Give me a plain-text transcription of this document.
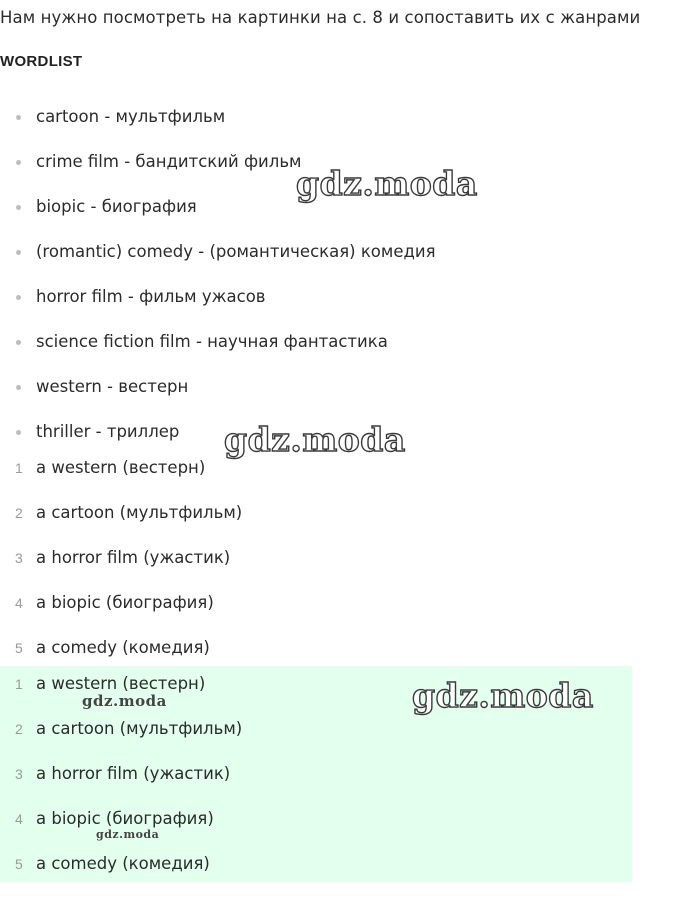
Нам нужно посмотреть на картинки на с. 8 и сопоставить их с жанрами
WORDLIST
cartoon - мультфильм
crime film - бандитский фильм
biopic - биография
(romantic) comedy - (романтическая) комедия
horror film - фильм ужасов
science fiction film - научная фантастика
western - вестерн
thriller - триллер
1 a western (вестерн)
2 a cartoon (мультфильм)
3 a horror film (ужастик)
4 a biopic (биография)
5 a comedy (комедия)
1 a western (вестерн)
2 a cartoon (мультфильм)
3 a horror film (ужастик)
4 a biopic (биография)
5 a comedy (комедия)
gdz.moda
gdz.moda
gdz.moda
gdz.moda
gdz.moda
